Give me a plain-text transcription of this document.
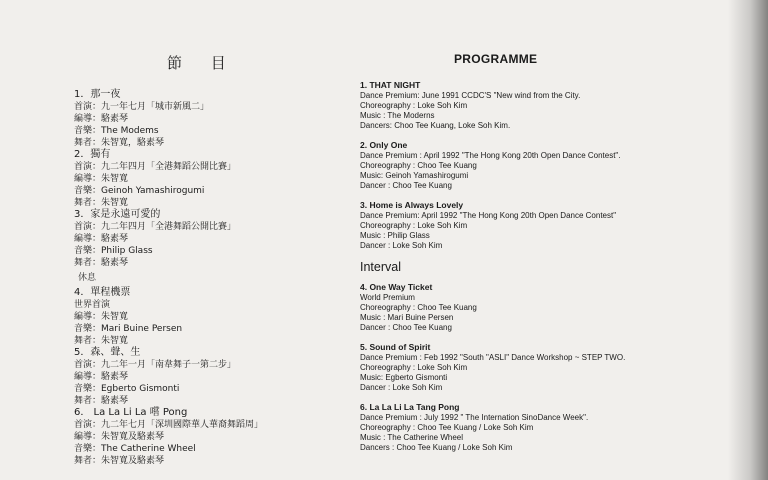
節 目
1．那一夜
首演：九一年七月「城市新風二」
編導：駱素琴
音樂：The Modems
舞者：朱智寬，駱素琴
2．獨有
首演：九二年四月「全港舞蹈公開比賽」
編導：朱智寬
音樂：Geinoh Yamashirogumi
舞者：朱智寬
3．家是永遠可愛的
首演：九二年四月「全港舞蹈公開比賽」
編導：駱素琴
音樂：Philip Glass
舞者：駱素琴
休息
4．單程機票
世界首演
編導：朱智寬
音樂：Mari Buine Persen
舞者：朱智寬
5．森、聲、生
首演：九二年一月「南韋舞子一第二步」
編導：駱素琴
音樂：Egberto Gismonti
舞者：駱素琴
6． La La Li La 嚐 Pong
首演：九二年七月「深圳國際華人華裔舞蹈周」
編導：朱智寬及駱素琴
音樂：The Catherine Wheel
舞者：朱智寬及駱素琴
PROGRAMME
1. THAT NIGHT
Dance Premium: June 1991 CCDC'S "New wind from the City.
Choreography : Loke Soh Kim
Music : The Moderns
Dancers: Choo Tee Kuang, Loke Soh Kim.
2. Only One
Dance Premium : April 1992 "The Hong Kong 20th Open Dance Contest".
Choreography : Choo Tee Kuang
Music: Geinoh Yamashirogumi
Dancer : Choo Tee Kuang
3. Home is Always Lovely
Dance Premium: April 1992 "The Hong Kong 20th Open Dance Contest"
Choreography : Loke Soh Kim
Music : Philip Glass
Dancer : Loke Soh Kim
Interval
4. One Way Ticket
World Premium
Choreography : Choo Tee Kuang
Music : Mari Buine Persen
Dancer : Choo Tee Kuang
5. Sound of Spirit
Dance Premium : Feb 1992 "South "ASLI" Dance Workshop ~ STEP TWO.
Choreography : Loke Soh Kim
Music: Egberto Gismonti
Dancer : Loke Soh Kim
6. La La Li La Tang Pong
Dance Premium : July 1992 " The Internation SinoDance Week".
Choreography : Choo Tee Kuang / Loke Soh Kim
Music : The Catherine Wheel
Dancers : Choo Tee Kuang / Loke Soh Kim
